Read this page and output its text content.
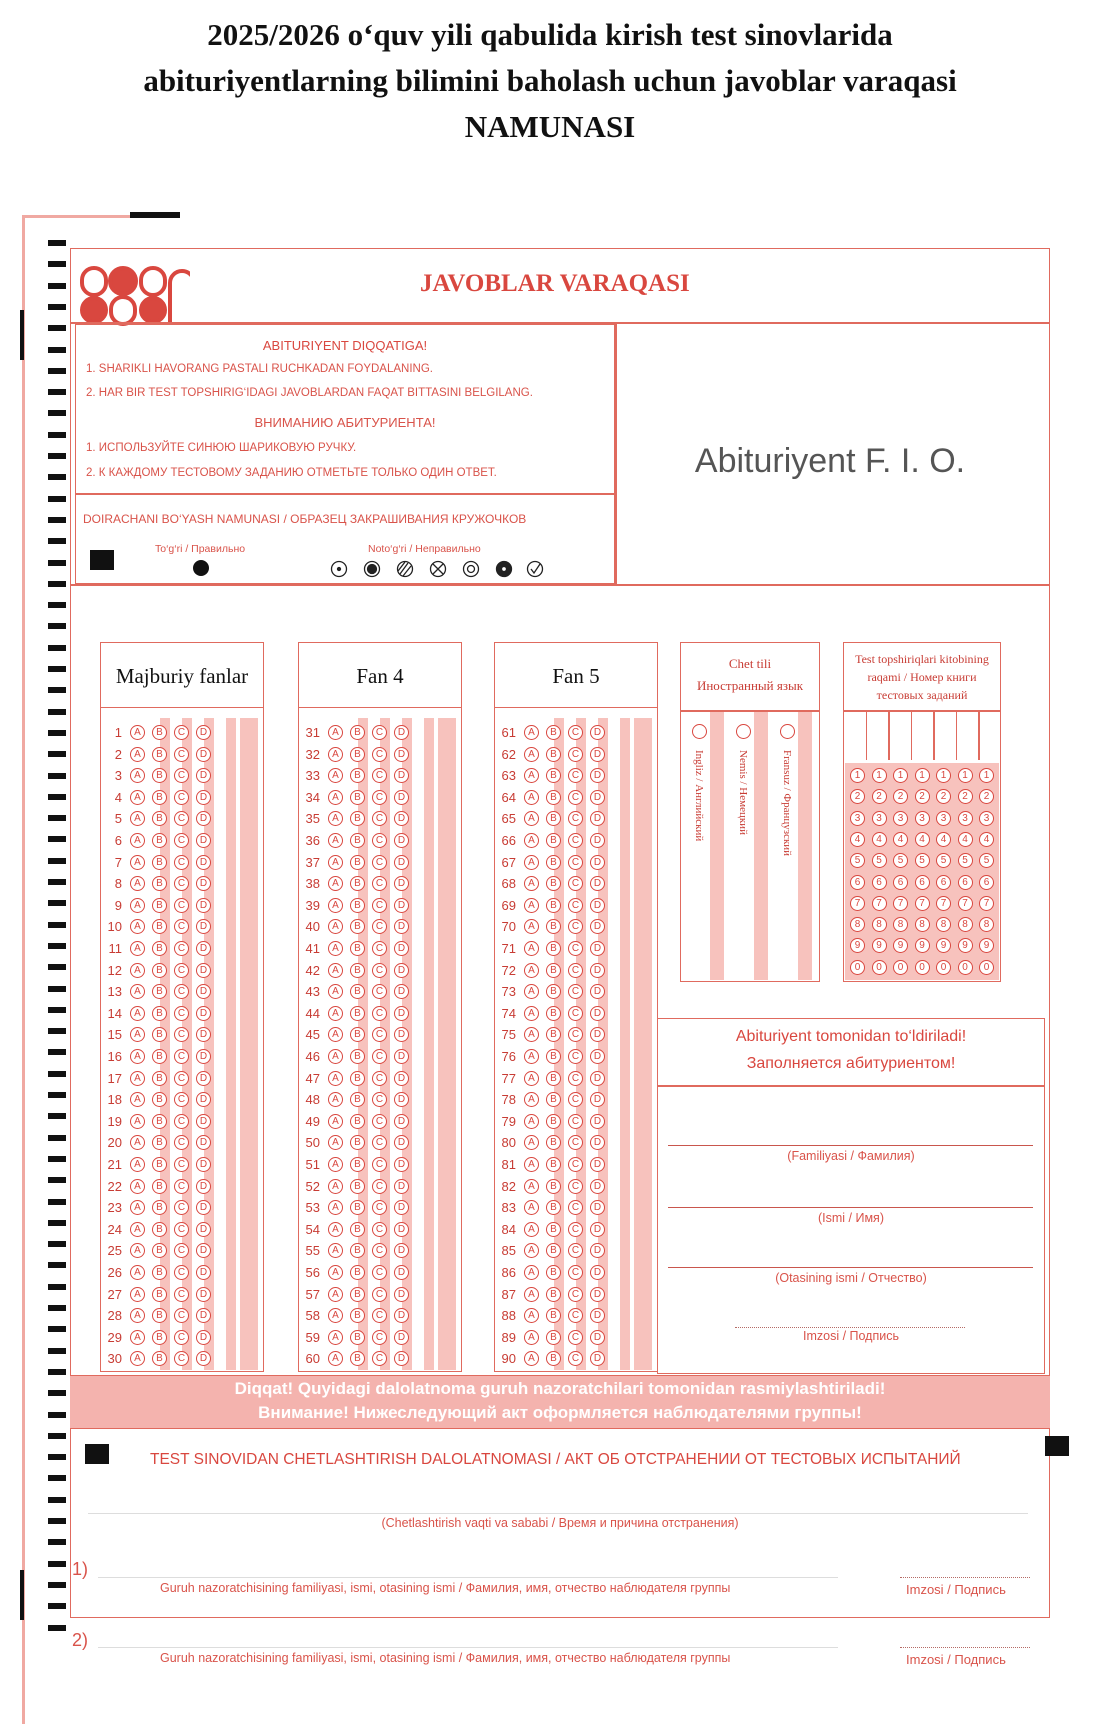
2025/2026 o‘quv yili qabulida kirish test sinovlarida
abituriyentlarning bilimini baholash uchun javoblar varaqasi
NAMUNASI
JAVOBLAR VARAQASI
ABITURIYENT DIQQATIGA!
1. SHARIKLI HAVORANG PASTALI RUCHKADAN FOYDALANING.
2. HAR BIR TEST TOPSHIRIG‘IDAGI JAVOBLARDAN FAQAT BITTASINI BELGILANG.
ВНИМАНИЮ АБИТУРИЕНТА!
1. ИСПОЛЬЗУЙТЕ СИНЮЮ ШАРИКОВУЮ РУЧКУ.
2. К КАЖДОМУ ТЕСТОВОМУ ЗАДАНИЮ ОТМЕТЬТЕ ТОЛЬКО ОДИН ОТВЕТ.
DOIRACHANI BO‘YASH NAMUNASI / ОБРАЗЕЦ ЗАКРАШИВАНИЯ КРУЖОЧКОВ
To‘g‘ri / Правильно	Noto‘g‘ri / Неправильно
Abituriyent F. I. O.
Majburiy fanlar
1	A	B	C	D
2	A	B	C	D
3	A	B	C	D
4	A	B	C	D
5	A	B	C	D
6	A	B	C	D
7	A	B	C	D
8	A	B	C	D
9	A	B	C	D
10	A	B	C	D
11	A	B	C	D
12	A	B	C	D
13	A	B	C	D
14	A	B	C	D
15	A	B	C	D
16	A	B	C	D
17	A	B	C	D
18	A	B	C	D
19	A	B	C	D
20	A	B	C	D
21	A	B	C	D
22	A	B	C	D
23	A	B	C	D
24	A	B	C	D
25	A	B	C	D
26	A	B	C	D
27	A	B	C	D
28	A	B	C	D
29	A	B	C	D
30	A	B	C	D
Fan 4
31	A	B	C	D
32	A	B	C	D
33	A	B	C	D
34	A	B	C	D
35	A	B	C	D
36	A	B	C	D
37	A	B	C	D
38	A	B	C	D
39	A	B	C	D
40	A	B	C	D
41	A	B	C	D
42	A	B	C	D
43	A	B	C	D
44	A	B	C	D
45	A	B	C	D
46	A	B	C	D
47	A	B	C	D
48	A	B	C	D
49	A	B	C	D
50	A	B	C	D
51	A	B	C	D
52	A	B	C	D
53	A	B	C	D
54	A	B	C	D
55	A	B	C	D
56	A	B	C	D
57	A	B	C	D
58	A	B	C	D
59	A	B	C	D
60	A	B	C	D
Fan 5
61	A	B	C	D
62	A	B	C	D
63	A	B	C	D
64	A	B	C	D
65	A	B	C	D
66	A	B	C	D
67	A	B	C	D
68	A	B	C	D
69	A	B	C	D
70	A	B	C	D
71	A	B	C	D
72	A	B	C	D
73	A	B	C	D
74	A	B	C	D
75	A	B	C	D
76	A	B	C	D
77	A	B	C	D
78	A	B	C	D
79	A	B	C	D
80	A	B	C	D
81	A	B	C	D
82	A	B	C	D
83	A	B	C	D
84	A	B	C	D
85	A	B	C	D
86	A	B	C	D
87	A	B	C	D
88	A	B	C	D
89	A	B	C	D
90	A	B	C	D
Chet tili
Иностранный язык
Ingliz / Английский	Nemis / Немецкий	Fransuz / Французский
Test topshiriqlari kitobining raqami / Номер книги тестовых заданий
1	1	1	1	1	1	1
2	2	2	2	2	2	2
3	3	3	3	3	3	3
4	4	4	4	4	4	4
5	5	5	5	5	5	5
6	6	6	6	6	6	6
7	7	7	7	7	7	7
8	8	8	8	8	8	8
9	9	9	9	9	9	9
0	0	0	0	0	0	0
Abituriyent tomonidan to‘ldiriladi!
Заполняется абитуриентом!
(Familiyasi / Фамилия)
(Ismi / Имя)
(Otasining ismi / Отчество)
Imzosi / Подпись
Diqqat! Quyidagi dalolatnoma guruh nazoratchilari tomonidan rasmiylashtiriladi!
Внимание! Нижеследующий акт оформляется наблюдателями группы!
TEST SINOVIDAN CHETLASHTIRISH DALOLATNOMASI / АКТ ОБ ОТСТРАНЕНИИ ОТ ТЕСТОВЫХ ИСПЫТАНИЙ
(Chetlashtirish vaqti va sababi / Время и причина отстранения)
1)
Guruh nazoratchisining familiyasi, ismi, otasining ismi / Фамилия, имя, отчество наблюдателя группы	Imzosi / Подпись
2)
Guruh nazoratchisining familiyasi, ismi, otasining ismi / Фамилия, имя, отчество наблюдателя группы	Imzosi / Подпись
